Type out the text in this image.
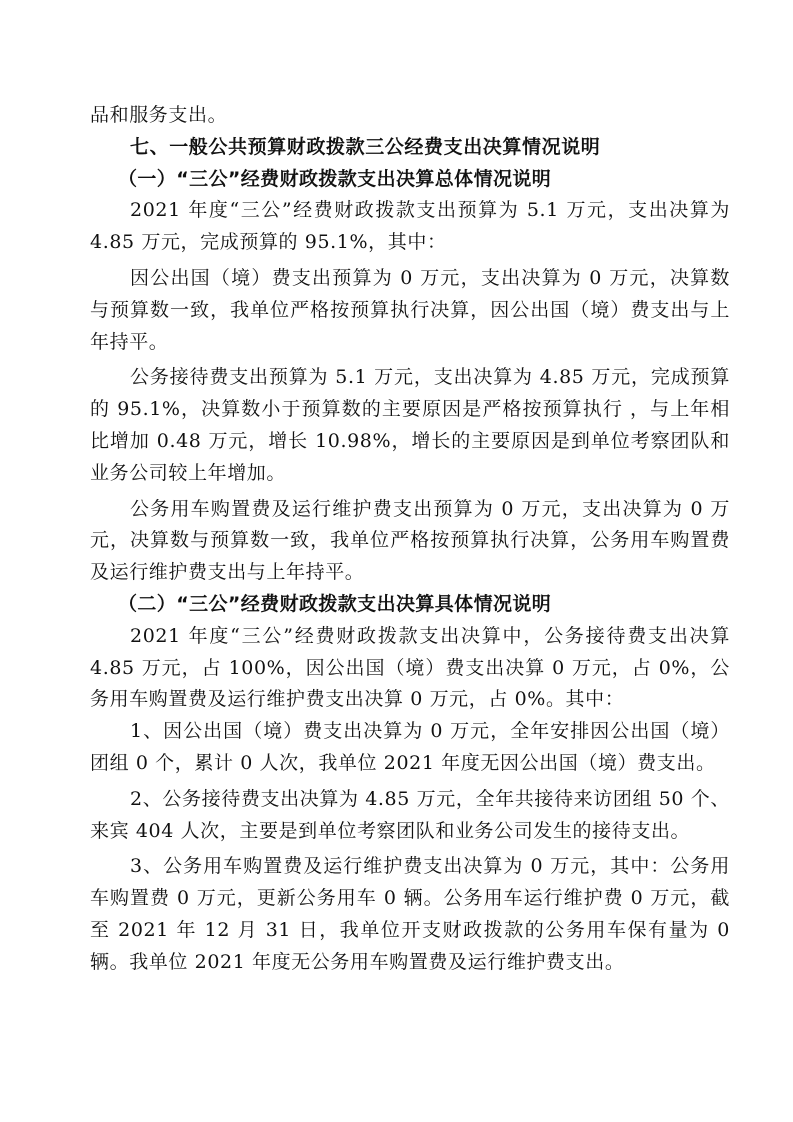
品和服务支出。

七、一般公共预算财政拨款三公经费支出决算情况说明

（一）“三公”经费财政拨款支出决算总体情况说明

2021 年度“三公”经费财政拨款支出预算为 5.1 万元，支出决算为 4.85 万元，完成预算的 95.1%，其中：

因公出国（境）费支出预算为 0 万元，支出决算为 0 万元，决算数与预算数一致，我单位严格按预算执行决算，因公出国（境）费支出与上年持平。

公务接待费支出预算为 5.1 万元，支出决算为 4.85 万元，完成预算的 95.1%，决算数小于预算数的主要原因是严格按预算执行 ，与上年相比增加 0.48 万元，增长 10.98%，增长的主要原因是到单位考察团队和业务公司较上年增加。

公务用车购置费及运行维护费支出预算为 0 万元，支出决算为 0 万元，决算数与预算数一致，我单位严格按预算执行决算，公务用车购置费及运行维护费支出与上年持平。

（二）“三公”经费财政拨款支出决算具体情况说明

2021 年度“三公”经费财政拨款支出决算中，公务接待费支出决算 4.85 万元，占 100%，因公出国（境）费支出决算 0 万元，占 0%，公务用车购置费及运行维护费支出决算 0 万元，占 0%。其中：

1、因公出国（境）费支出决算为 0 万元，全年安排因公出国（境）团组 0 个，累计 0 人次，我单位 2021 年度无因公出国（境）费支出。

2、公务接待费支出决算为 4.85 万元，全年共接待来访团组 50 个、来宾 404 人次，主要是到单位考察团队和业务公司发生的接待支出。

3、公务用车购置费及运行维护费支出决算为 0 万元，其中：公务用车购置费 0 万元，更新公务用车 0 辆。公务用车运行维护费 0 万元，截至 2021 年 12 月 31 日，我单位开支财政拨款的公务用车保有量为 0 辆。我单位 2021 年度无公务用车购置费及运行维护费支出。
